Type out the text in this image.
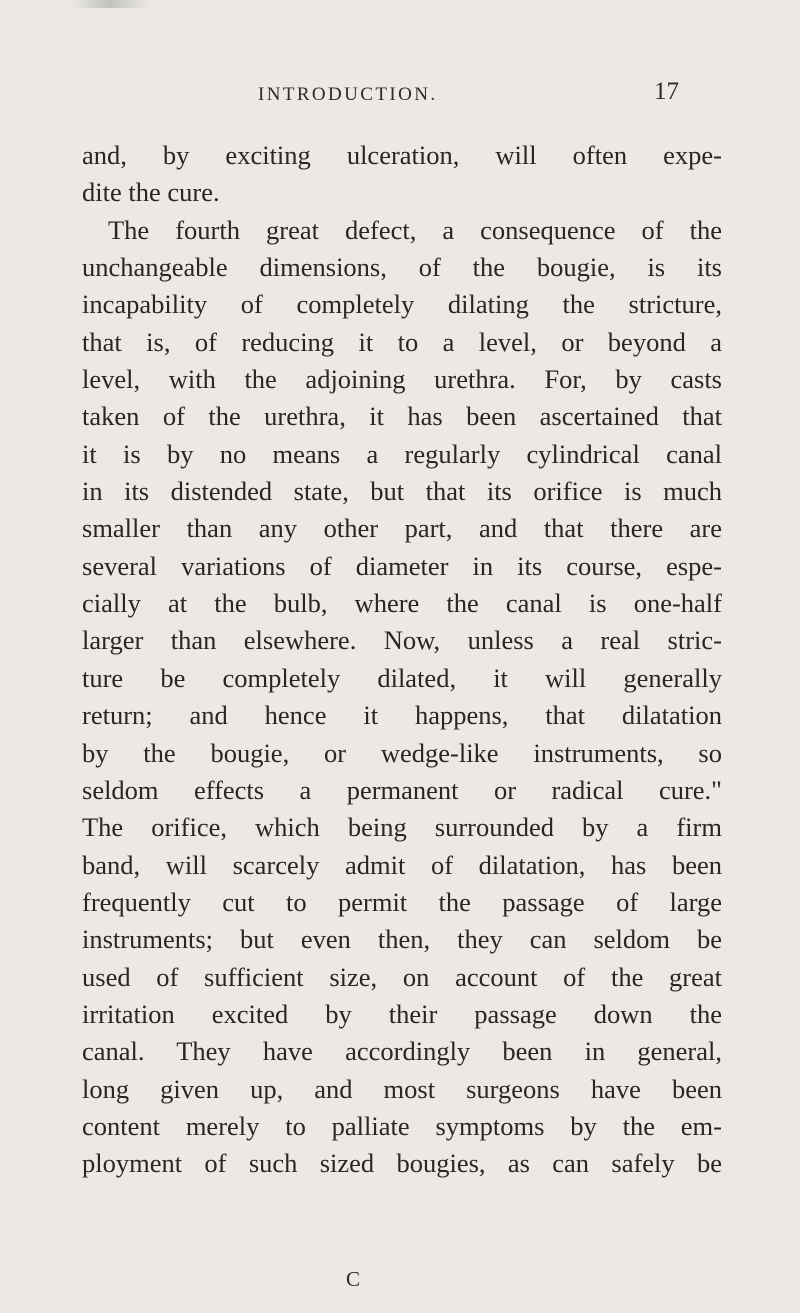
INTRODUCTION.	17
and, by exciting ulceration, will often expe-
dite the cure.
The fourth great defect, a consequence of the
unchangeable dimensions, of the bougie, is its
incapability of completely dilating the stricture,
that is, of reducing it to a level, or beyond a
level, with the adjoining urethra. For, by casts
taken of the urethra, it has been ascertained that
it is by no means a regularly cylindrical canal
in its distended state, but that its orifice is much
smaller than any other part, and that there are
several variations of diameter in its course, espe-
cially at the bulb, where the canal is one-half
larger than elsewhere. Now, unless a real stric-
ture be completely dilated, it will generally
return; and hence it happens, that dilatation
by the bougie, or wedge-like instruments, so
seldom effects a permanent or radical cure."
The orifice, which being surrounded by a firm
band, will scarcely admit of dilatation, has been
frequently cut to permit the passage of large
instruments; but even then, they can seldom be
used of sufficient size, on account of the great
irritation excited by their passage down the
canal. They have accordingly been in general,
long given up, and most surgeons have been
content merely to palliate symptoms by the em-
ployment of such sized bougies, as can safely be
C
